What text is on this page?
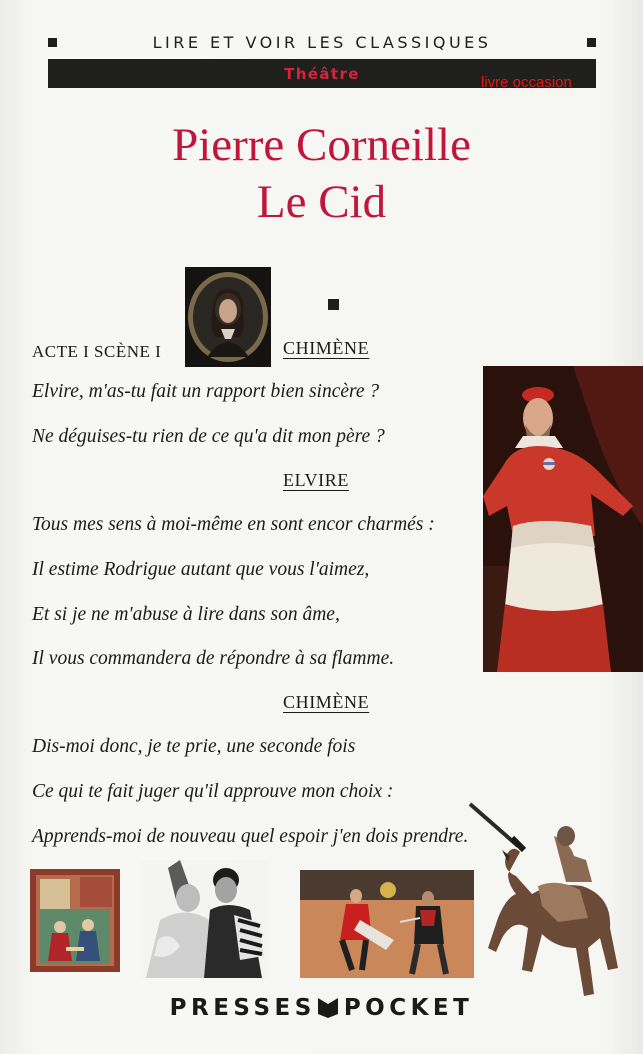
LIRE ET VOIR LES CLASSIQUES
Théâtre	livre occasion
Pierre Corneille
Le Cid
ACTE I SCÈNE I	CHIMÈNE
Elvire, m'as-tu fait un rapport bien sincère ?
Ne déguises-tu rien de ce qu'a dit mon père ?
ELVIRE
Tous mes sens à moi-même en sont encor charmés :
Il estime Rodrigue autant que vous l'aimez,
Et si je ne m'abuse à lire dans son âme,
Il vous commandera de répondre à sa flamme.
CHIMÈNE
Dis-moi donc, je te prie, une seconde fois
Ce qui te fait juger qu'il approuve mon choix :
Apprends-moi de nouveau quel espoir j'en dois prendre.
PRESSES POCKET
